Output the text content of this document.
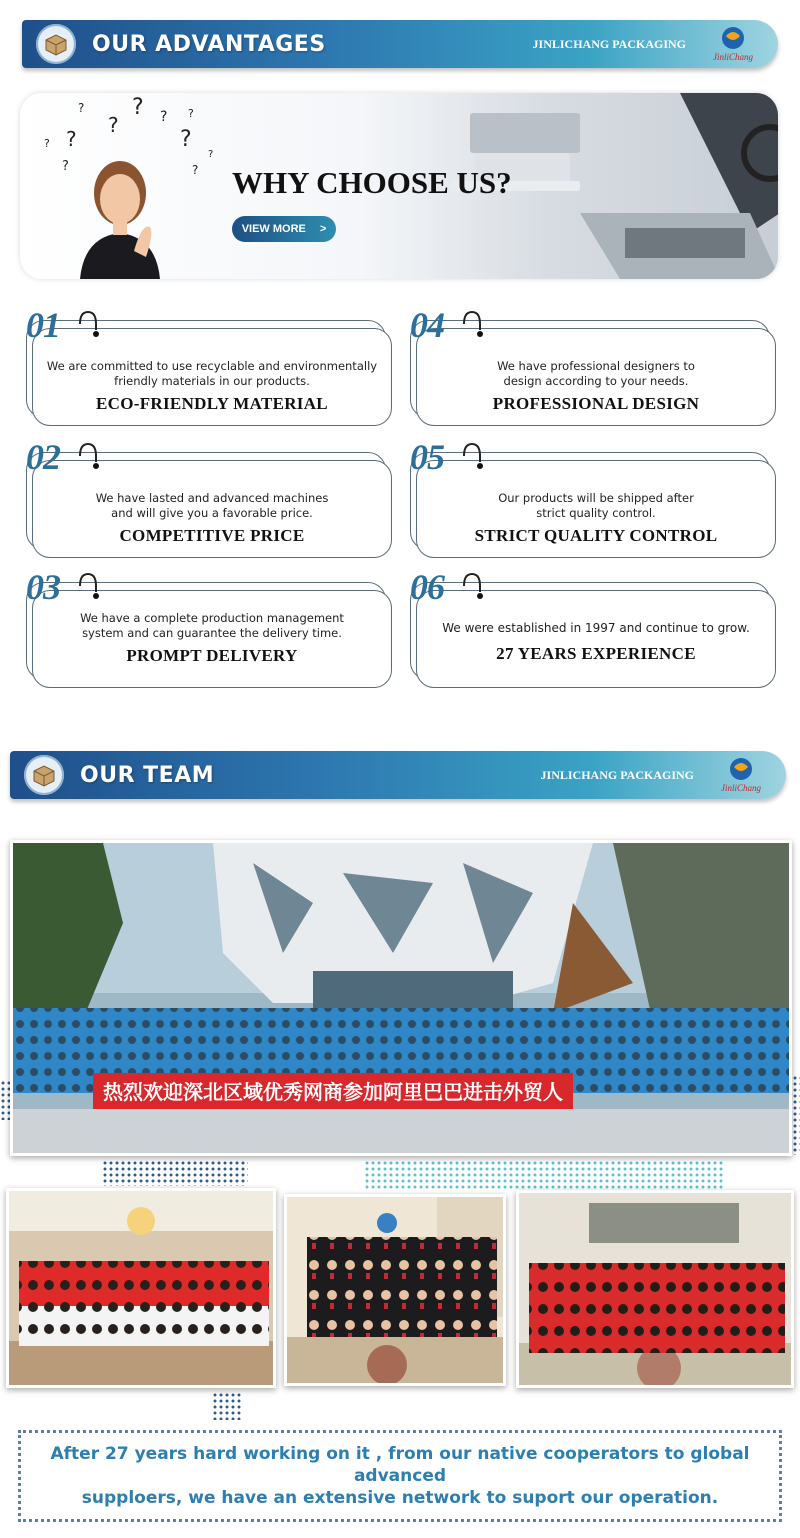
OUR ADVANTAGES	JINLICHANG PACKAGING
JinliChang
?
?
? ? ?
?
?
?
?	?
?
WHY CHOOSE US?
VIEW MORE >
We are committed to use recyclable and environmentally
friendly materials in our products.
ECO-FRIENDLY MATERIAL
01
We have lasted and advanced machines
and will give you a favorable price.
COMPETITIVE PRICE
02
We have a complete production management
system and can guarantee the delivery time.
PROMPT DELIVERY
03
We have professional designers to
design according to your needs.
PROFESSIONAL DESIGN
04
Our products will be shipped after
strict quality control.
STRICT QUALITY CONTROL
05
We were established in 1997 and continue to grow.
27 YEARS EXPERIENCE
06
OUR TEAM	JINLICHANG PACKAGING
JinliChang
热烈欢迎深北区域优秀网商参加阿里巴巴进击外贸人

After 27 years hard working on it , from our native cooperators to global advanced
supploers, we have an extensive network to suport our operation.
